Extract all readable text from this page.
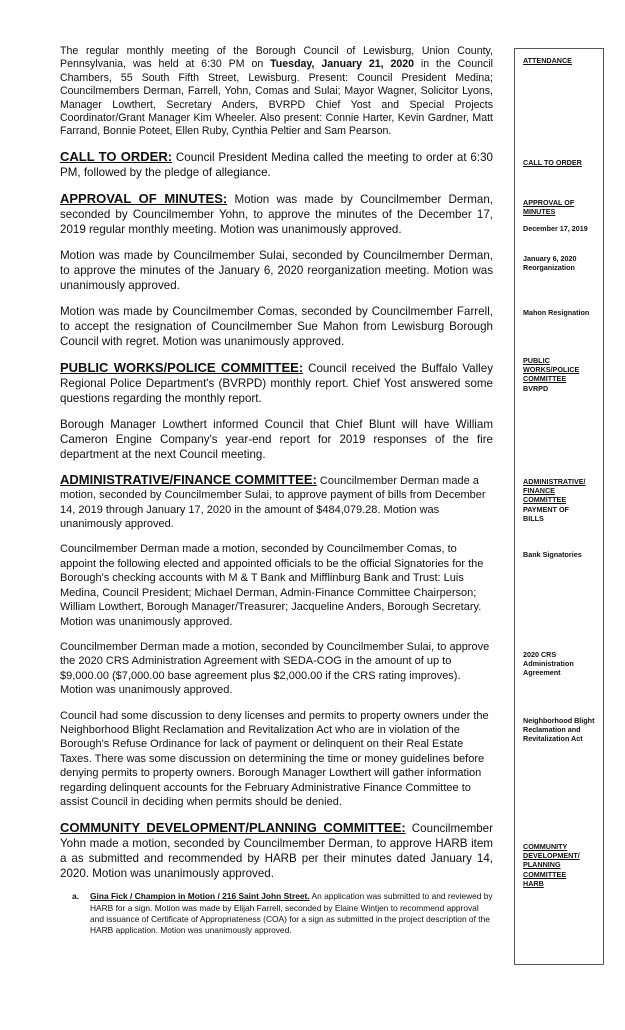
The regular monthly meeting of the Borough Council of Lewisburg, Union County, Pennsylvania, was held at 6:30 PM on Tuesday, January 21, 2020 in the Council Chambers, 55 South Fifth Street, Lewisburg. Present: Council President Medina; Councilmembers Derman, Farrell, Yohn, Comas and Sulai; Mayor Wagner, Solicitor Lyons, Manager Lowthert, Secretary Anders, BVRPD Chief Yost and Special Projects Coordinator/Grant Manager Kim Wheeler. Also present: Connie Harter, Kevin Gardner, Matt Farrand, Bonnie Poteet, Ellen Ruby, Cynthia Peltier and Sam Pearson.

CALL TO ORDER: Council President Medina called the meeting to order at 6:30 PM, followed by the pledge of allegiance.

APPROVAL OF MINUTES: Motion was made by Councilmember Derman, seconded by Councilmember Yohn, to approve the minutes of the December 17, 2019 regular monthly meeting. Motion was unanimously approved.

Motion was made by Councilmember Sulai, seconded by Councilmember Derman, to approve the minutes of the January 6, 2020 reorganization meeting. Motion was unanimously approved.

Motion was made by Councilmember Comas, seconded by Councilmember Farrell, to accept the resignation of Councilmember Sue Mahon from Lewisburg Borough Council with regret. Motion was unanimously approved.

PUBLIC WORKS/POLICE COMMITTEE: Council received the Buffalo Valley Regional Police Department's (BVRPD) monthly report. Chief Yost answered some questions regarding the monthly report.

Borough Manager Lowthert informed Council that Chief Blunt will have William Cameron Engine Company's year-end report for 2019 responses of the fire department at the next Council meeting.

ADMINISTRATIVE/FINANCE COMMITTEE: Councilmember Derman made a motion, seconded by Councilmember Sulai, to approve payment of bills from December 14, 2019 through January 17, 2020 in the amount of $484,079.28. Motion was unanimously approved.

Councilmember Derman made a motion, seconded by Councilmember Comas, to appoint the following elected and appointed officials to be the official Signatories for the Borough's checking accounts with M & T Bank and Mifflinburg Bank and Trust: Luis Medina, Council President; Michael Derman, Admin-Finance Committee Chairperson; William Lowthert, Borough Manager/Treasurer; Jacqueline Anders, Borough Secretary. Motion was unanimously approved.

Councilmember Derman made a motion, seconded by Councilmember Sulai, to approve the 2020 CRS Administration Agreement with SEDA-COG in the amount of up to $9,000.00 ($7,000.00 base agreement plus $2,000.00 if the CRS rating improves). Motion was unanimously approved.

Council had some discussion to deny licenses and permits to property owners under the Neighborhood Blight Reclamation and Revitalization Act who are in violation of the Borough's Refuse Ordinance for lack of payment or delinquent on their Real Estate Taxes. There was some discussion on determining the time or money guidelines before denying permits to property owners. Borough Manager Lowthert will gather information regarding delinquent accounts for the February Administrative Finance Committee to assist Council in deciding when permits should be denied.

COMMUNITY DEVELOPMENT/PLANNING COMMITTEE: Councilmember Yohn made a motion, seconded by Councilmember Derman, to approve HARB item a as submitted and recommended by HARB per their minutes dated January 14, 2020. Motion was unanimously approved.

a. Gina Fick / Champion in Motion / 216 Saint John Street. An application was submitted to and reviewed by HARB for a sign. Motion was made by Elijah Farrell, seconded by Elaine Wintjen to recommend approval and issuance of Certificate of Appropriateness (COA) for a sign as submitted in the project description of the HARB application. Motion was unanimously approved.
ATTENDANCE
CALL TO ORDER
APPROVAL OF
MINUTES
December 17, 2019
January 6, 2020
Reorganization
Mahon Resignation
PUBLIC
WORKS/POLICE
COMMITTEE
BVRPD
ADMINISTRATIVE/
FINANCE
COMMITTEE
PAYMENT OF
BILLS
Bank Signatories
2020 CRS
Administration
Agreement
Neighborhood Blight
Reclamation and
Revitalization Act
COMMUNITY
DEVELOPMENT/
PLANNING
COMMITTEE
HARB
